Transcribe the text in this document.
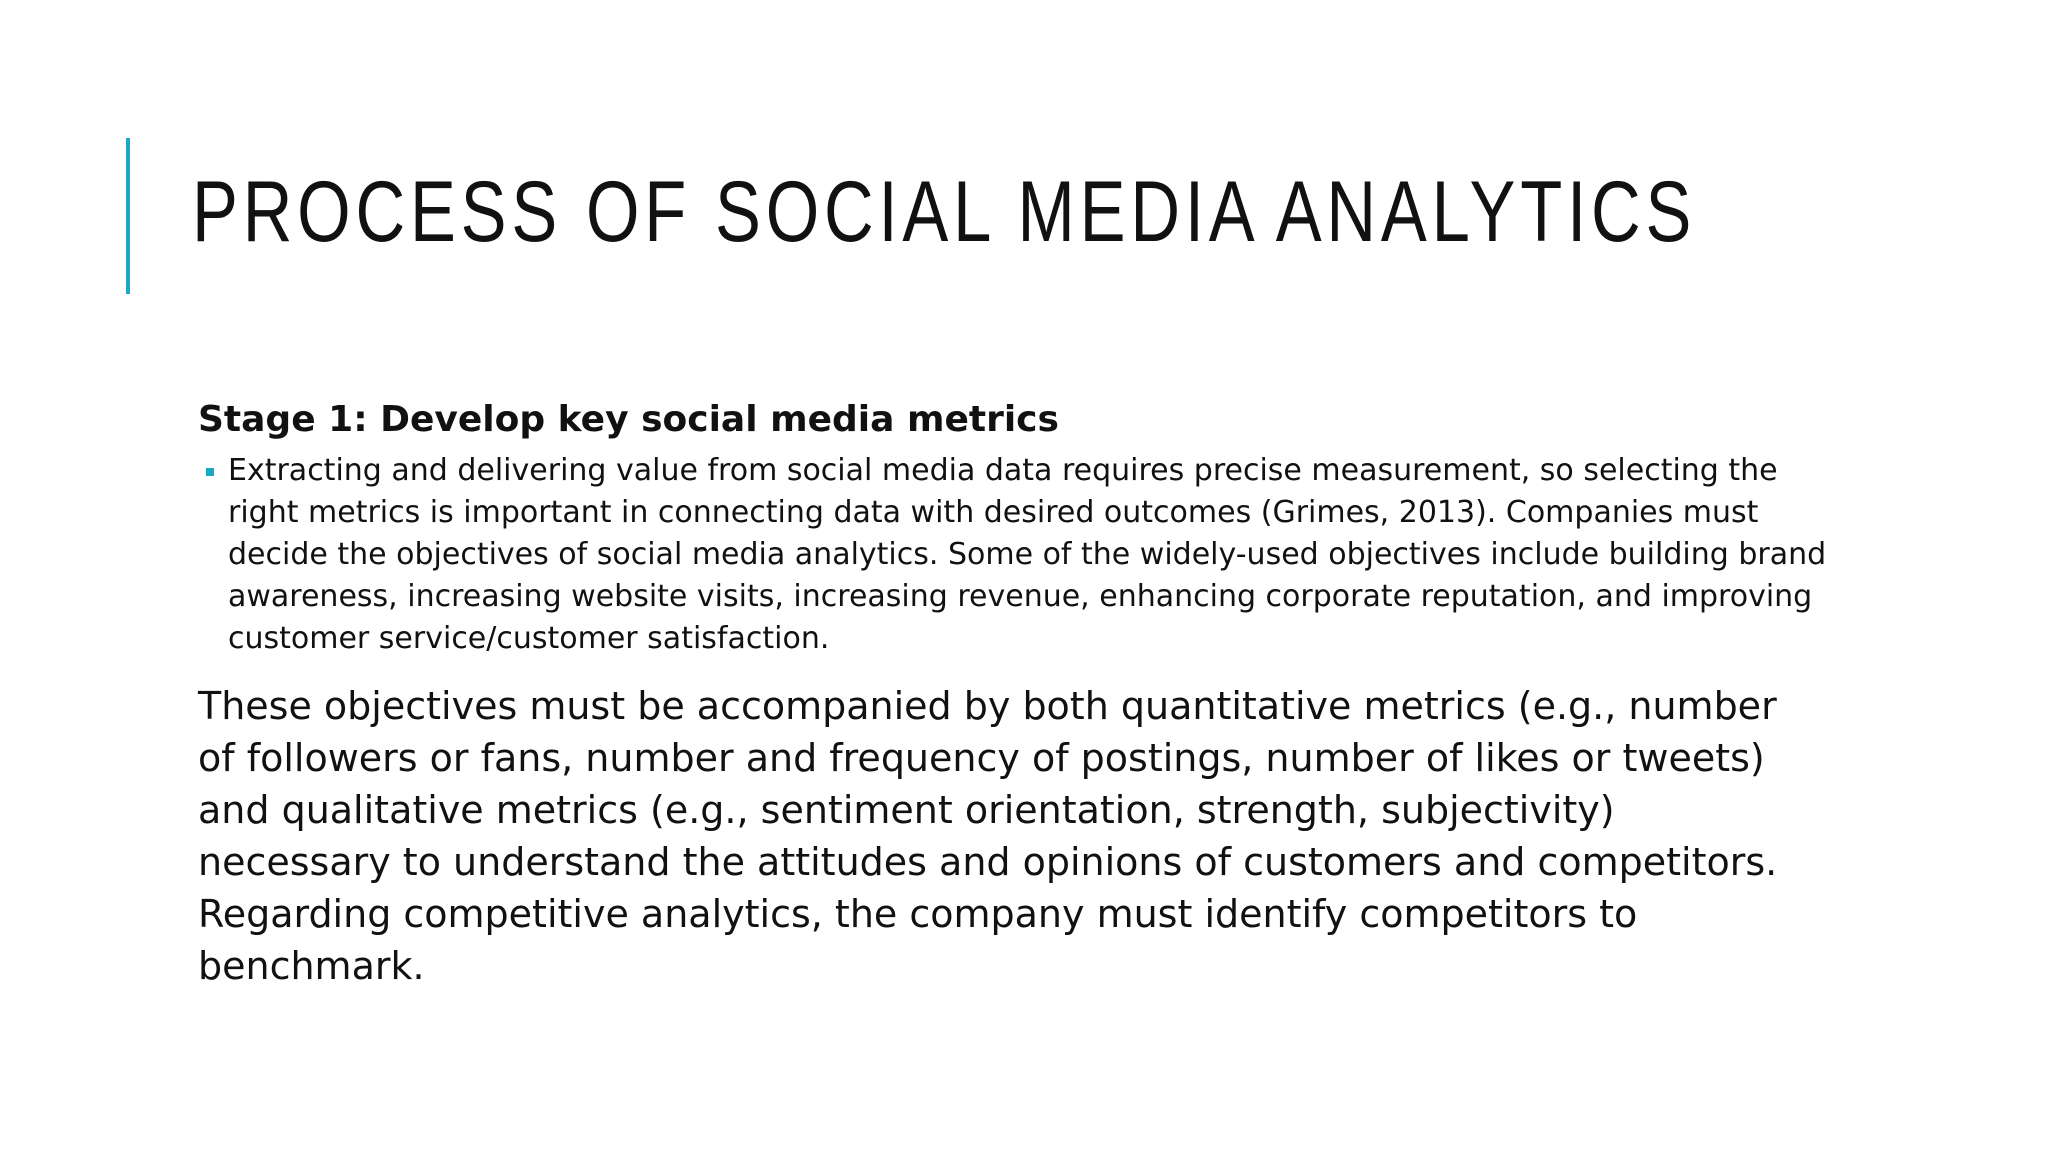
PROCESS OF SOCIAL MEDIA ANALYTICS
Stage 1: Develop key social media metrics

Extracting and delivering value from social media data requires precise measurement, so selecting the right metrics is important in connecting data with desired outcomes (Grimes, 2013). Companies must decide the objectives of social media analytics. Some of the widely-used objectives include building brand awareness, increasing website visits, increasing revenue, enhancing corporate reputation, and improving customer service/customer satisfaction.

These objectives must be accompanied by both quantitative metrics (e.g., number of followers or fans, number and frequency of postings, number of likes or tweets) and qualitative metrics (e.g., sentiment orientation, strength, subjectivity) necessary to understand the attitudes and opinions of customers and competitors. Regarding competitive analytics, the company must identify competitors to benchmark.
